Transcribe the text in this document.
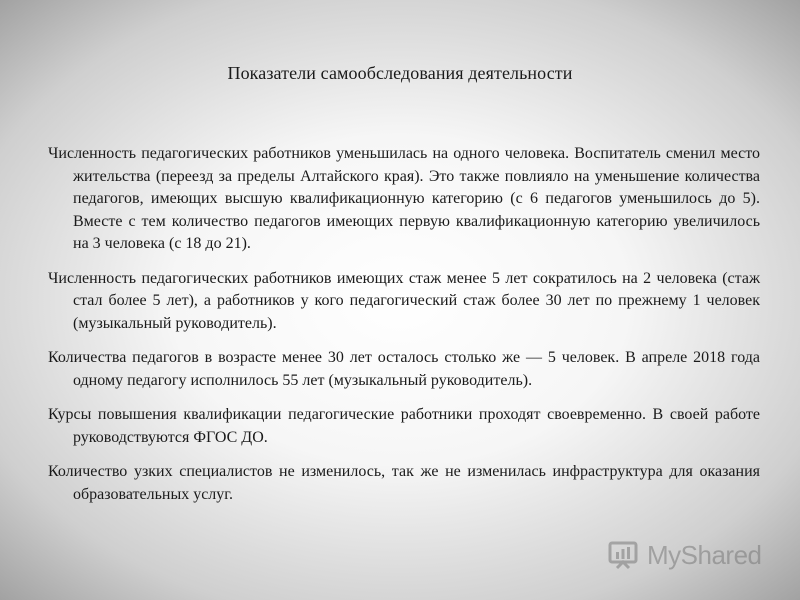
Показатели самообследования деятельности

Численность педагогических работников уменьшилась на одного человека. Воспитатель сменил место жительства (переезд за пределы Алтайского края). Это также повлияло на уменьшение количества педагогов, имеющих высшую квалификационную категорию (с 6 педагогов уменьшилось до 5). Вместе с тем количество педагогов имеющих первую квалификационную категорию увеличилось на 3 человека (с 18 до 21).

Численность педагогических работников имеющих стаж менее 5 лет сократилось на 2 человека (стаж стал более 5 лет), а работников у кого педагогический стаж более 30 лет по прежнему 1 человек (музыкальный руководитель).

Количества педагогов в возрасте менее 30 лет осталось столько же — 5 человек. В апреле 2018 года одному педагогу исполнилось 55 лет (музыкальный руководитель).

Курсы повышения квалификации педагогические работники проходят своевременно. В своей работе руководствуются ФГОС ДО.

Количество узких специалистов не изменилось, так же не изменилась инфраструктура для оказания образовательных услуг.

MyShared
